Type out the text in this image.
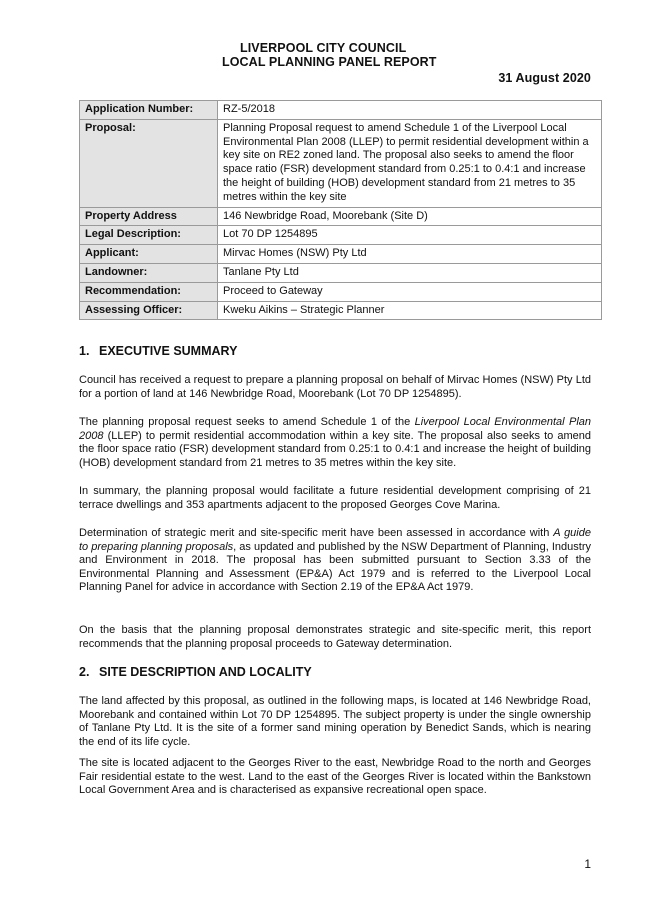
LIVERPOOL CITY COUNCIL
LOCAL PLANNING PANEL REPORT
31 August 2020
Application Number:	RZ-5/2018
Proposal:	Planning Proposal request to amend Schedule 1 of the Liverpool Local Environmental Plan 2008 (LLEP) to permit residential development within a key site on RE2 zoned land. The proposal also seeks to amend the floor space ratio (FSR) development standard from 0.25:1 to 0.4:1 and increase the height of building (HOB) development standard from 21 metres to 35 metres within the key site
Property Address	146 Newbridge Road, Moorebank (Site D)
Legal Description:	Lot 70 DP 1254895
Applicant:	Mirvac Homes (NSW) Pty Ltd
Landowner:	Tanlane Pty Ltd
Recommendation:	Proceed to Gateway
Assessing Officer:	Kweku Aikins – Strategic Planner
1. EXECUTIVE SUMMARY

Council has received a request to prepare a planning proposal on behalf of Mirvac Homes (NSW) Pty Ltd for a portion of land at 146 Newbridge Road, Moorebank (Lot 70 DP 1254895).

The planning proposal request seeks to amend Schedule 1 of the Liverpool Local Environmental Plan 2008 (LLEP) to permit residential accommodation within a key site. The proposal also seeks to amend the floor space ratio (FSR) development standard from 0.25:1 to 0.4:1 and increase the height of building (HOB) development standard from 21 metres to 35 metres within the key site.

In summary, the planning proposal would facilitate a future residential development comprising of 21 terrace dwellings and 353 apartments adjacent to the proposed Georges Cove Marina.

Determination of strategic merit and site-specific merit have been assessed in accordance with A guide to preparing planning proposals, as updated and published by the NSW Department of Planning, Industry and Environment in 2018. The proposal has been submitted pursuant to Section 3.33 of the Environmental Planning and Assessment (EP&A) Act 1979 and is referred to the Liverpool Local Planning Panel for advice in accordance with Section 2.19 of the EP&A Act 1979.

On the basis that the planning proposal demonstrates strategic and site-specific merit, this report recommends that the planning proposal proceeds to Gateway determination.

2. SITE DESCRIPTION AND LOCALITY

The land affected by this proposal, as outlined in the following maps, is located at 146 Newbridge Road, Moorebank and contained within Lot 70 DP 1254895. The subject property is under the single ownership of Tanlane Pty Ltd. It is the site of a former sand mining operation by Benedict Sands, which is nearing the end of its life cycle.

The site is located adjacent to the Georges River to the east, Newbridge Road to the north and Georges Fair residential estate to the west. Land to the east of the Georges River is located within the Bankstown Local Government Area and is characterised as expansive recreational open space.

1
